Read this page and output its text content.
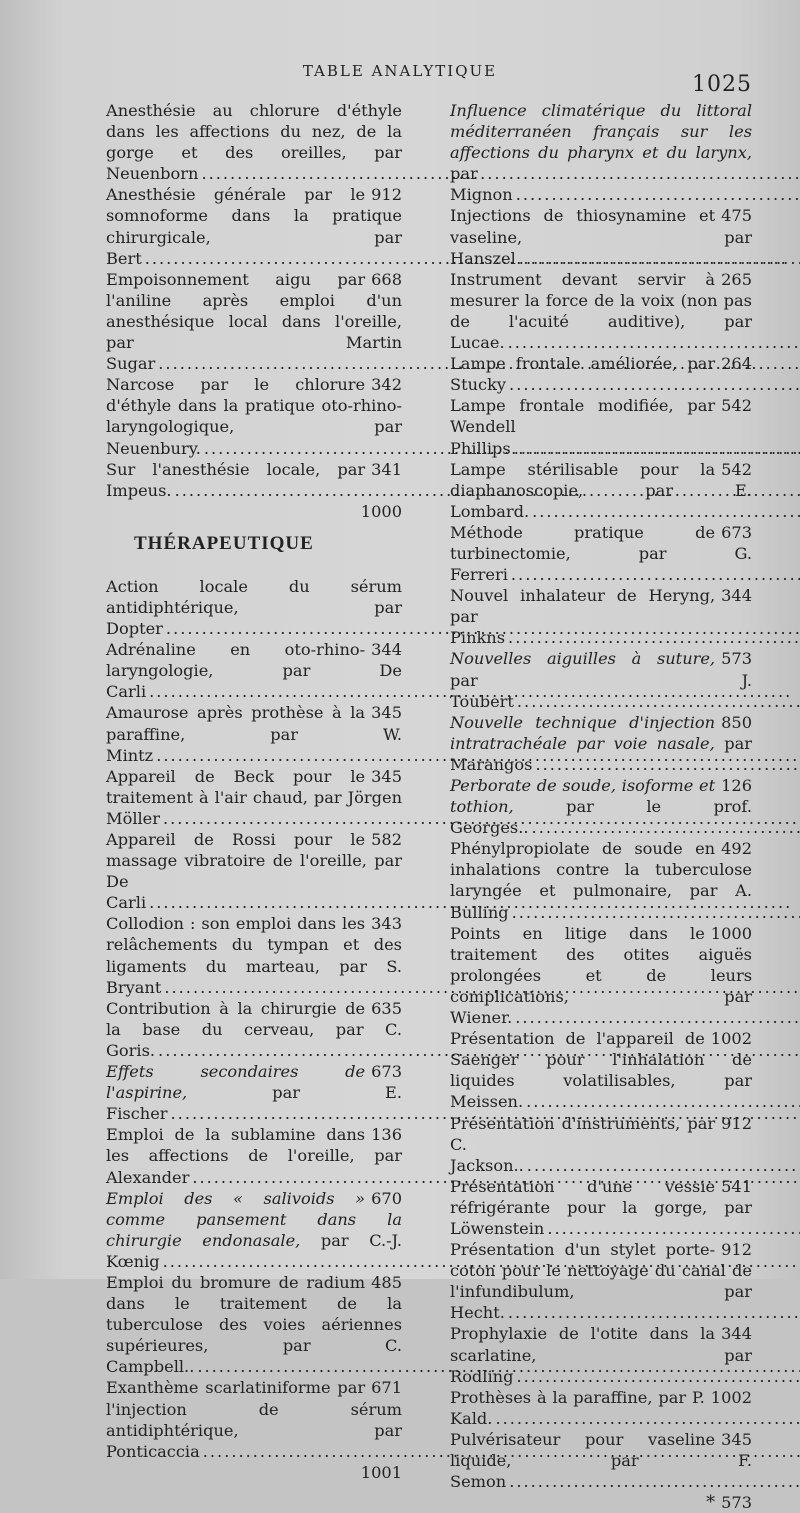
TABLE ANALYTIQUE
1025
Anesthésie au chlorure d'éthyle dans les affections du nez, de la gorge et des oreilles, par Neuenborn.....
912
Anesthésie générale par le somnoforme dans la pratique chirurgicale, par Bert.....
668
Empoisonnement aigu par l'aniline après emploi d'un anesthésique local dans l'oreille, par Martin Sugar.....
342
Narcose par le chlorure d'éthyle dans la pratique oto-rhino-laryngologique, par Neuenbury......
341
Sur l'anesthésie locale, par Impeus......
1000
THÉRAPEUTIQUE
Action locale du sérum antidiphtérique, par Dopter.....
344
Adrénaline en oto-rhino-laryngologie, par De Carli.....
345
Amaurose après prothèse à la paraffine, par W. Mintz.....
345
Appareil de Beck pour le traitement à l'air chaud, par Jörgen Möller.....
582
Appareil de Rossi pour le massage vibratoire de l'oreille, par De Carli.....
343
Collodion : son emploi dans les relâchements du tympan et des ligaments du marteau, par S. Bryant.....
635
Contribution à la chirurgie de la base du cerveau, par C. Goris......
673
Effets secondaires de l'aspirine, par E. Fischer.....
136
Emploi de la sublamine dans les affections de l'oreille, par Alexander.....
670
Emploi des « salivoids » comme pansement dans la chirurgie endonasale, par C.-J. Kœnig.....
485
Emploi du bromure de radium dans le traitement de la tuberculose des voies aériennes supérieures, par C. Campbell.......
671
Exanthème scarlatiniforme par l'injection de sérum antidiphtérique, par Ponticaccia.....
1001
Influence climatérique du littoral méditerranéen français sur les affections du pharynx et du larynx, par Mignon.....
475
Injections de thiosynamine et vaseline, par Hanszel.....
265
Instrument devant servir à mesurer la force de la voix (non pas de l'acuité auditive), par Lucae......
264
Lampe frontale améliorée, par Stucky.....
542
Lampe frontale modifiée, par Wendell Phillips.....
542
Lampe stérilisable pour la diaphanoscopie, par E. Lombard......
673
Méthode pratique de turbinectomie, par G. Ferreri.....
344
Nouvel inhalateur de Heryng, par Pinkns.....
573
Nouvelles aiguilles à suture, par J. Toubert.....
850
Nouvelle technique d'injection intratrachéale par voie nasale, par Marangos.....
126
Perborate de soude, isoforme et tothion, par le prof. Georges.......
492
Phénylpropiolate de soude en inhalations contre la tuberculose laryngée et pulmonaire, par A. Bulling.....
1000
Points en litige dans le traitement des otites aiguës prolongées et de leurs complications, par Wiener......
1002
Présentation de l'appareil de Saenger pour l'inhalation de liquides volatilisables, par Meissen......
912
Présentation d'instruments, par C. Jackson.......
541
Présentation d'une vessie réfrigérante pour la gorge, par Löwenstein.....
912
Présentation d'un stylet porte-coton pour le nettoyage du canal de l'infundibulum, par Hecht......
344
Prophylaxie de l'otite dans la scarlatine, par Rodling.....
1002
Prothèses à la paraffine, par P. Kald......
345
Pulvérisateur pour vaseline liquide, par F. Semon.....
573
*
